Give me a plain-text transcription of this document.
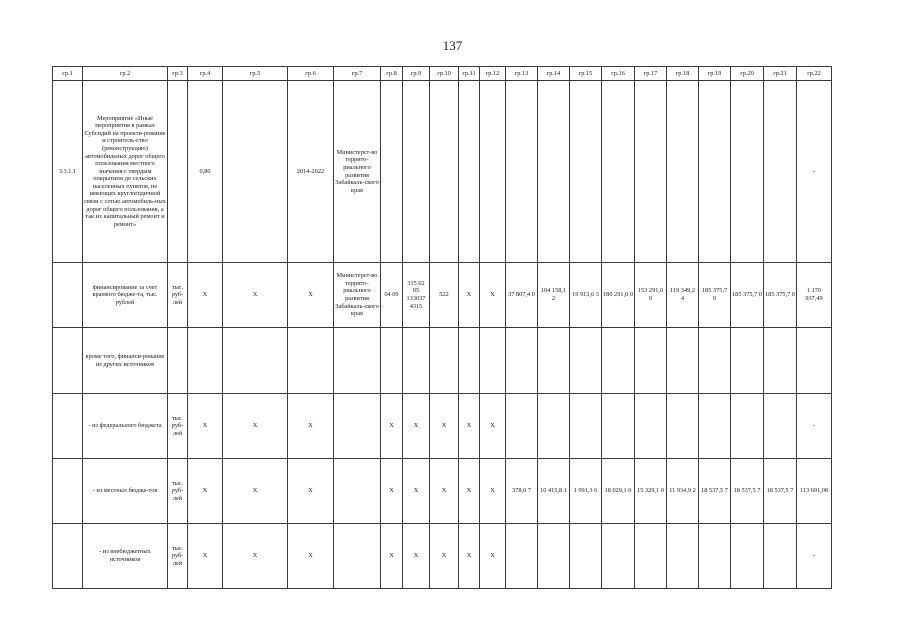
137
гр.1	гр.2	гр.3	гр.4	гр.5	гр.6	гр.7	гр.8	гр.9	гр.10	гр.11	гр.12	гр.13	гр.14	гр.15	гр.16	гр.17	гр.18	гр.19	гр.20	гр.21	гр.22
3.3.1.1	Мероприятие «Иные мероприятия в рамках Субсидий на проекти-рование и строитель-ство (реконструкцию) автомобильных дорог общего пользования местного значения с твердым покрытием до сельских населенных пунктов, не имеющих круглогодичной связи с сетью автомобиль-ных дорог общего пользования, а так их капитальный ремонт и ремонт»		0,80		2014-2022	Министерст-во террито-риального развития Забайкаль-ского края															-
	финансирование за счет краевого бюдже-та, тыс. рублей	тыс. руб-лей	X	X	X	Министерст-во террито-риального развития Забайкаль-ского края	04 09	315 02 05 133037 4315	522	X	X	37 807,4 0	104 158,1 2	19 913,6 3	180 291,0 0	153 291,0 0	119 349,2 4	185 375,7 0	185 375,7 0	185 375,7 0	1 170 937,49
	кроме того, финанси-рование из других источников																				
	- из федерального бюджета	тыс. руб-лей	X	X	X		X	X	X	X	X										-
	- из местных бюдже-тов	тыс. руб-лей	X	X	X		X	X	X	X	X	378,0 7	10 415,8 1	1 991,3 6	18 029,1 0	15 329,1 0	11 934,9 2	18 537,5 7	18 537,5 7	18 537,5 7	113 691,08
	- из внебюджетных источников	тыс. руб-лей	X	X	X		X	X	X	X	X										-
